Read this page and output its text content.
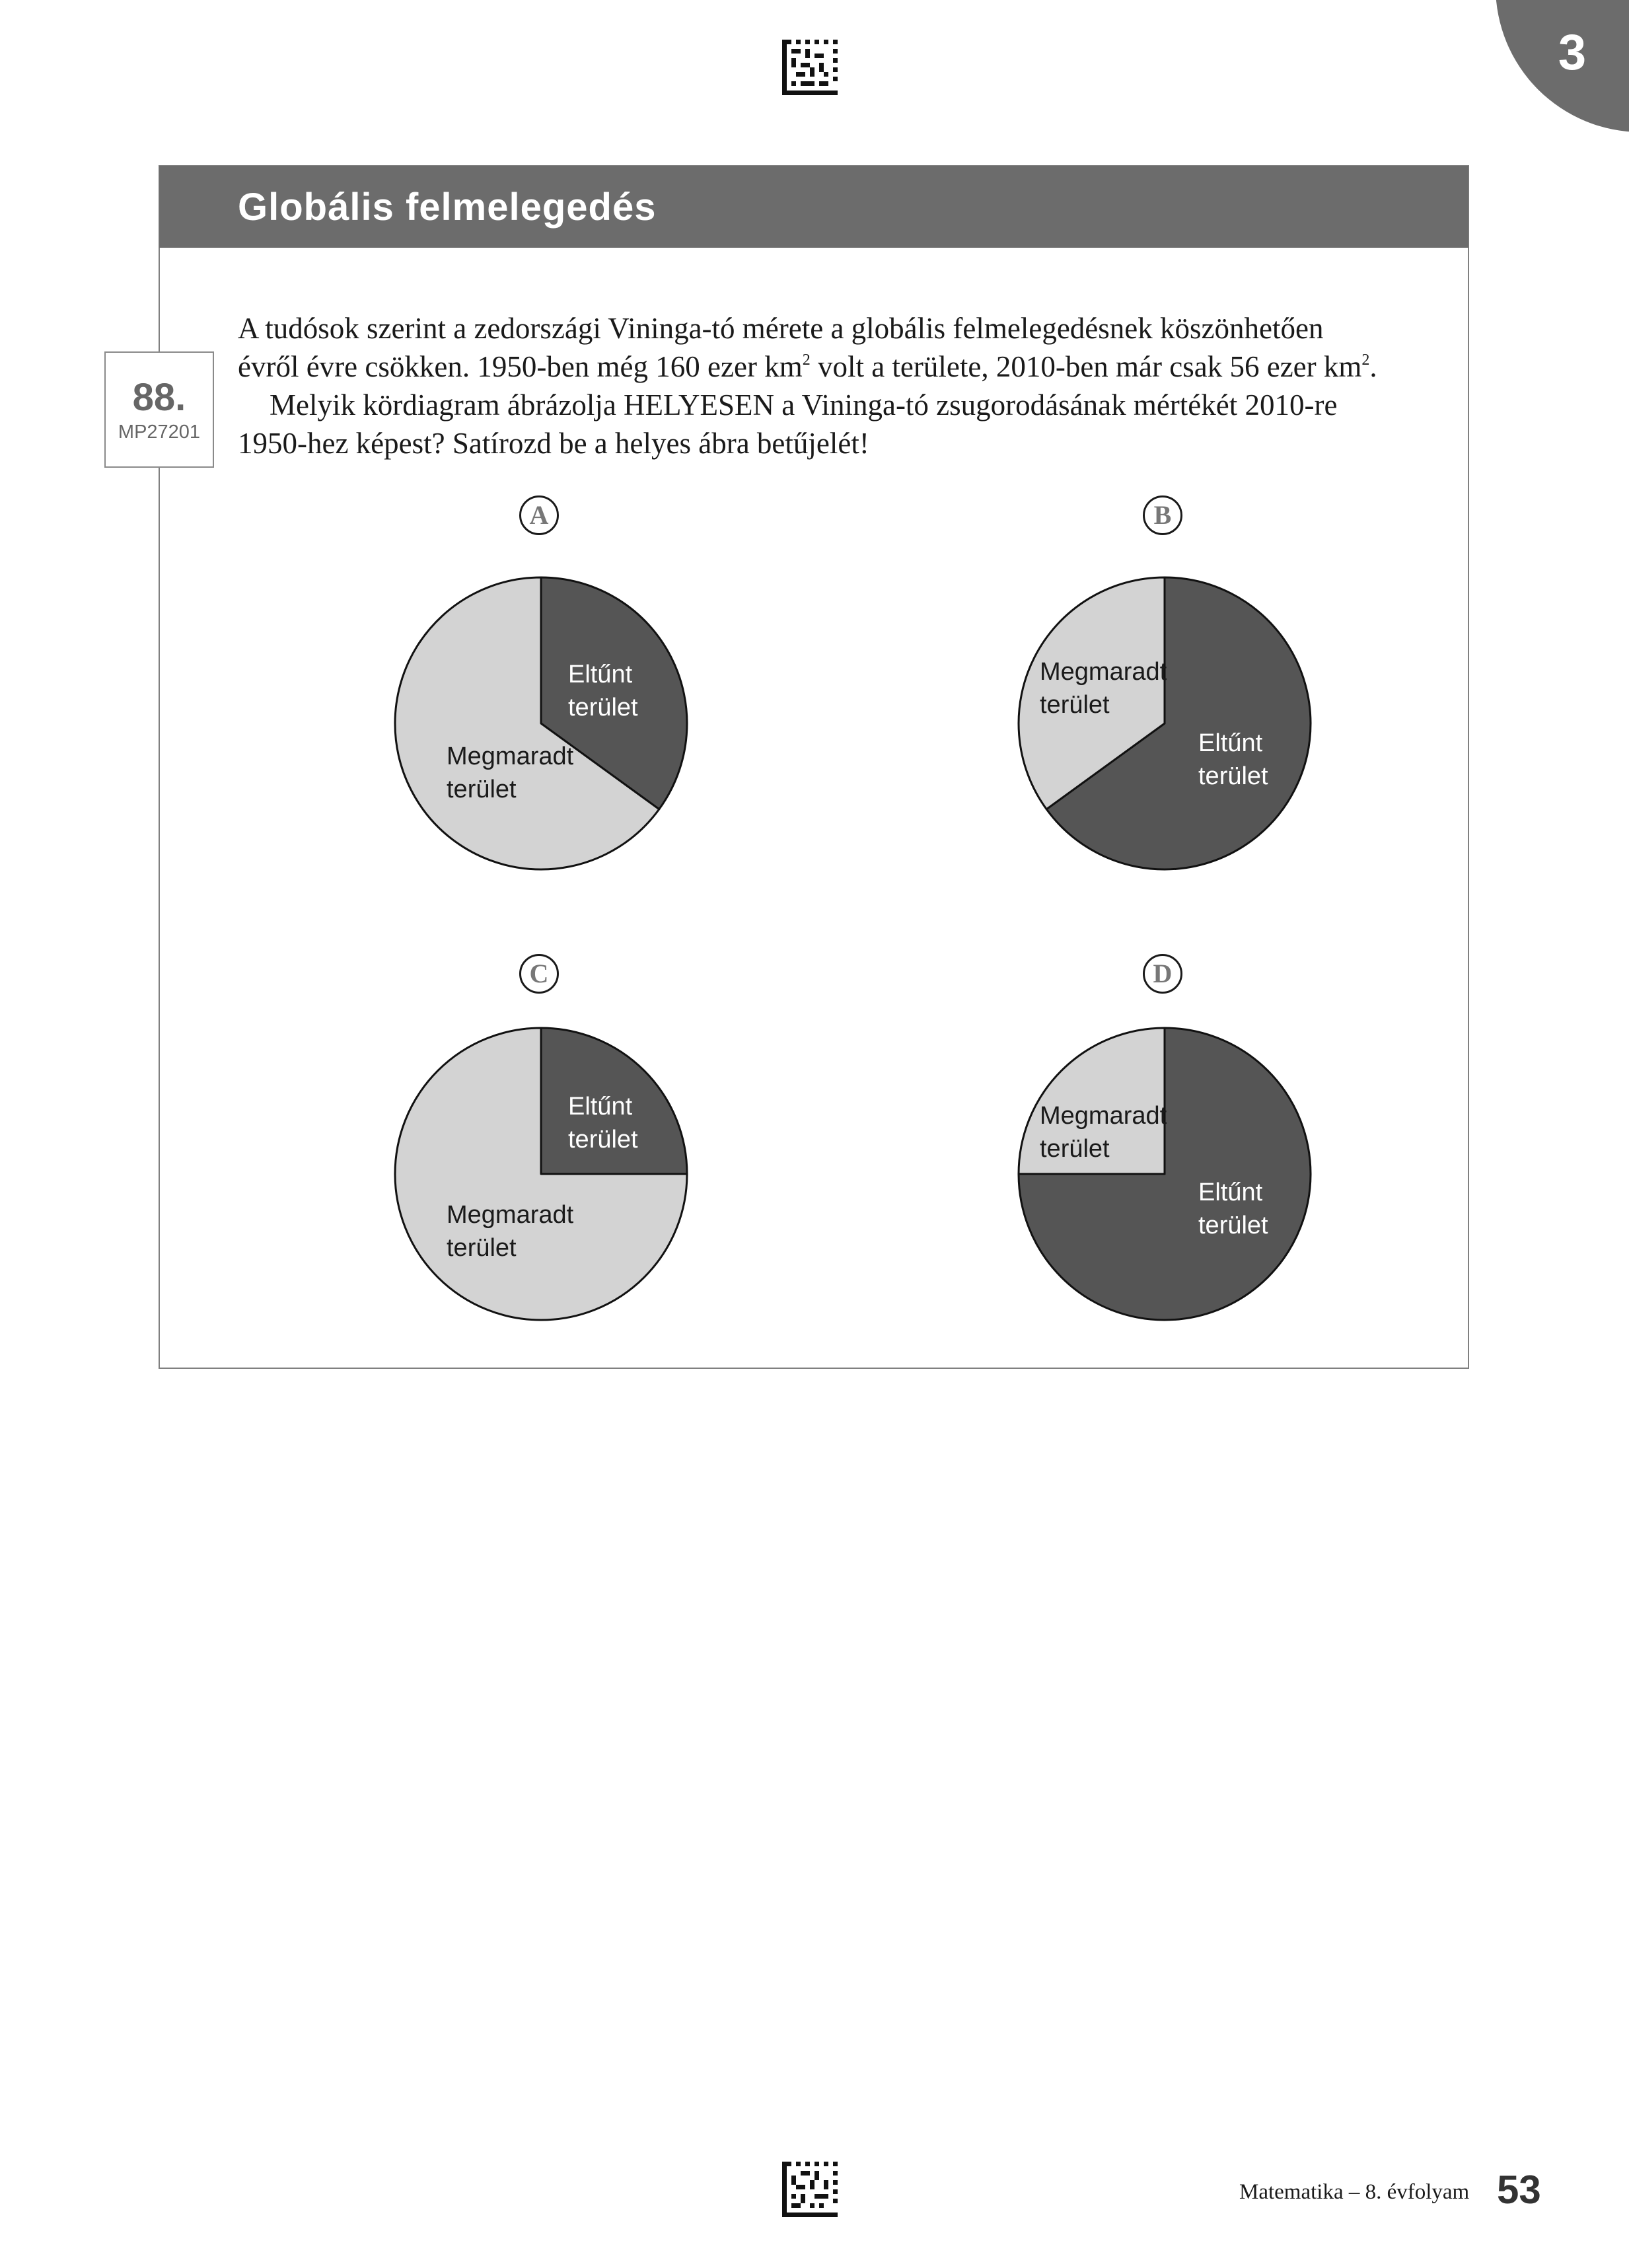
3
Globális felmelegedés
88.
MP27201

A tudósok szerint a zedországi Vininga-tó mérete a globális felmelegedésnek köszönhetően

évről évre csökken. 1950-ben még 160 ezer $km^2$ volt a területe, 2010-ben már csak 56 ezer $km^2$.

Melyik kördiagram ábrázolja HELYESEN a Vininga-tó zsugorodásának mértékét 2010-re

1950-hez képest? Satírozd be a helyes ábra betűjelét!

A
Eltűnt
terület
Megmaradt
terület
B
Megmaradt
terület
Eltűnt
terület
C
Eltűnt
terület
Megmaradt
terület
D
Megmaradt
terület
Eltűnt
terület
Matematika – 8. évfolyam 53
